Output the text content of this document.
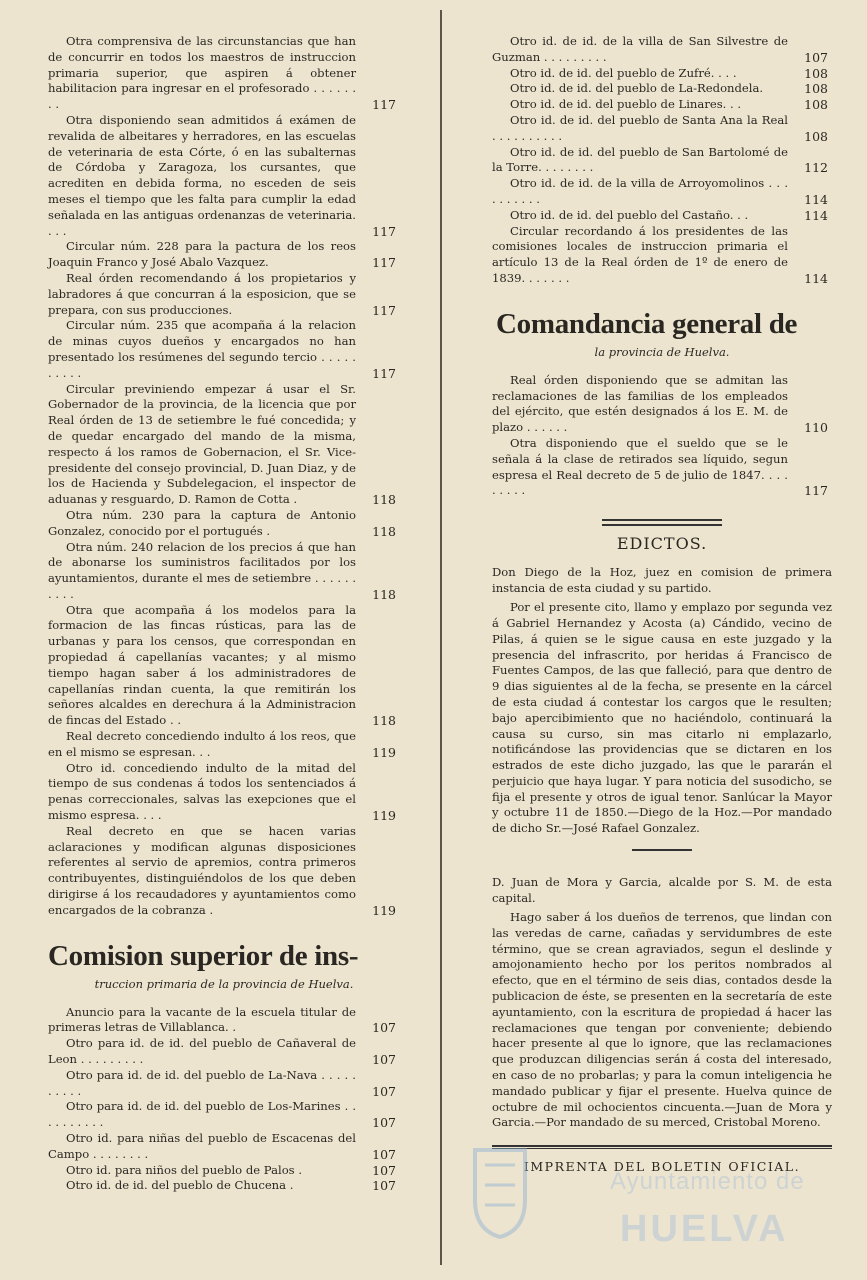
Otra comprensiva de las circunstancias que han de concurrir en todos los maestros de instruccion primaria superior, que aspiren á obtener habilitacion para ingresar en el profesorado . . . . . . . .	117
Otra disponiendo sean admitidos á exámen de revalida de albeitares y herradores, en las escuelas de veterinaria de esta Córte, ó en las subalternas de Córdoba y Zaragoza, los cursantes, que acrediten en debida forma, no esceden de seis meses el tiempo que les falta para cumplir la edad señalada en las antiguas ordenanzas de veterinaria. . . .	117
Circular núm. 228 para la pactura de los reos Joaquin Franco y José Abalo Vazquez.	117
Real órden recomendando á los propietarios y labradores á que concurran á la esposicion, que se prepara, con sus producciones.	117
Circular núm. 235 que acompaña á la relacion de minas cuyos dueños y encargados no han presentado los resúmenes del segundo tercio . . . . . . . . . .	117
Circular previniendo empezar á usar el Sr. Gobernador de la provincia, de la licencia que por Real órden de 13 de setiembre le fué concedida; y de quedar encargado del mando de la misma, respecto á los ramos de Gobernacion, el Sr. Vice-presidente del consejo provincial, D. Juan Diaz, y de los de Hacienda y Subdelegacion, el inspector de aduanas y resguardo, D. Ramon de Cotta .	118
Otra núm. 230 para la captura de Antonio Gonzalez, conocido por el portugués .	118
Otra núm. 240 relacion de los precios á que han de abonarse los suministros facilitados por los ayuntamientos, durante el mes de setiembre . . . . . . . . . .	118
Otra que acompaña á los modelos para la formacion de las fincas rústicas, para las de urbanas y para los censos, que correspondan en propiedad á capellanías vacantes; y al mismo tiempo hagan saber á los administradores de capellanías rindan cuenta, la que remitirán los señores alcaldes en derechura á la Administracion de fincas del Estado . .	118
Real decreto concediendo indulto á los reos, que en el mismo se espresan. . .	119
Otro id. concediendo indulto de la mitad del tiempo de sus condenas á todos los sentenciados á penas correccionales, salvas las exepciones que el mismo espresa. . . .	119
Real decreto en que se hacen varias aclaraciones y modifican algunas disposiciones referentes al servio de apremios, contra primeros contribuyentes, distinguiéndolos de los que deben dirigirse á los recaudadores y ayuntamientos como encargados de la cobranza .	119
Comision superior de ins-
truccion primaria de la provincia de Huelva.
Anuncio para la vacante de la escuela titular de primeras letras de Villablanca. .	107
Otro para id. de id. del pueblo de Cañaveral de Leon . . . . . . . . .	107
Otro para id. de id. del pueblo de La-Nava . . . . . . . . . .	107
Otro para id. de id. del pueblo de Los-Marines . . . . . . . . . .	107
Otro id. para niñas del pueblo de Escacenas del Campo . . . . . . . .	107
Otro id. para niños del pueblo de Palos .	107
Otro id. de id. del pueblo de Chucena .	107
Otro id. de id. de la villa de San Silvestre de Guzman . . . . . . . . .	107
Otro id. de id. del pueblo de Zufré. . . .	108
Otro id. de id. del pueblo de La-Redondela.	108
Otro id. de id. del pueblo de Linares. . .	108
Otro id. de id. del pueblo de Santa Ana la Real . . . . . . . . . .	108
Otro id. de id. del pueblo de San Bartolomé de la Torre. . . . . . . .	112
Otro id. de id. de la villa de Arroyomolinos . . . . . . . . . .	114
Otro id. de id. del pueblo del Castaño. . .	114
Circular recordando á los presidentes de las comisiones locales de instruccion primaria el artículo 13 de la Real órden de 1º de enero de 1839. . . . . . .	114
Comandancia general de
la provincia de Huelva.
Real órden disponiendo que se admitan las reclamaciones de las familias de los empleados del ejército, que estén designados á los E. M. de plazo . . . . . .	110
Otra disponiendo que el sueldo que se le señala á la clase de retirados sea líquido, segun espresa el Real decreto de 5 de julio de 1847. . . . . . . . .	117
EDICTOS.

Don Diego de la Hoz, juez en comision de primera instancia de esta ciudad y su partido.

Por el presente cito, llamo y emplazo por segunda vez á Gabriel Hernandez y Acosta (a) Cándido, vecino de Pilas, á quien se le sigue causa en este juzgado y la presencia del infrascrito, por heridas á Francisco de Fuentes Campos, de las que falleció, para que dentro de 9 dias siguientes al de la fecha, se presente en la cárcel de esta ciudad á contestar los cargos que le resulten; bajo apercibimiento que no haciéndolo, continuará la causa su curso, sin mas citarlo ni emplazarlo, notificándose las providencias que se dictaren en los estrados de este dicho juzgado, las que le pararán el perjuicio que haya lugar. Y para noticia del susodicho, se fija el presente y otros de igual tenor. Sanlúcar la Mayor y octubre 11 de 1850.—Diego de la Hoz.—Por mandado de dicho Sr.—José Rafael Gonzalez.

D. Juan de Mora y Garcia, alcalde por S. M. de esta capital.

Hago saber á los dueños de terrenos, que lindan con las veredas de carne, cañadas y servidumbres de este término, que se crean agraviados, segun el deslinde y amojonamiento hecho por los peritos nombrados al efecto, que en el término de seis dias, contados desde la publicacion de éste, se presenten en la secretaría de este ayuntamiento, con la escritura de propiedad á hacer las reclamaciones que tengan por conveniente; debiendo hacer presente al que lo ignore, que las reclamaciones que produzcan diligencias serán á costa del interesado, en caso de no probarlas; y para la comun inteligencia he mandado publicar y fijar el presente. Huelva quince de octubre de mil ochocientos cincuenta.—Juan de Mora y Garcia.—Por mandado de su merced, Cristobal Moreno.

IMPRENTA DEL BOLETIN OFICIAL.
Ayuntamiento de
HUELVA
